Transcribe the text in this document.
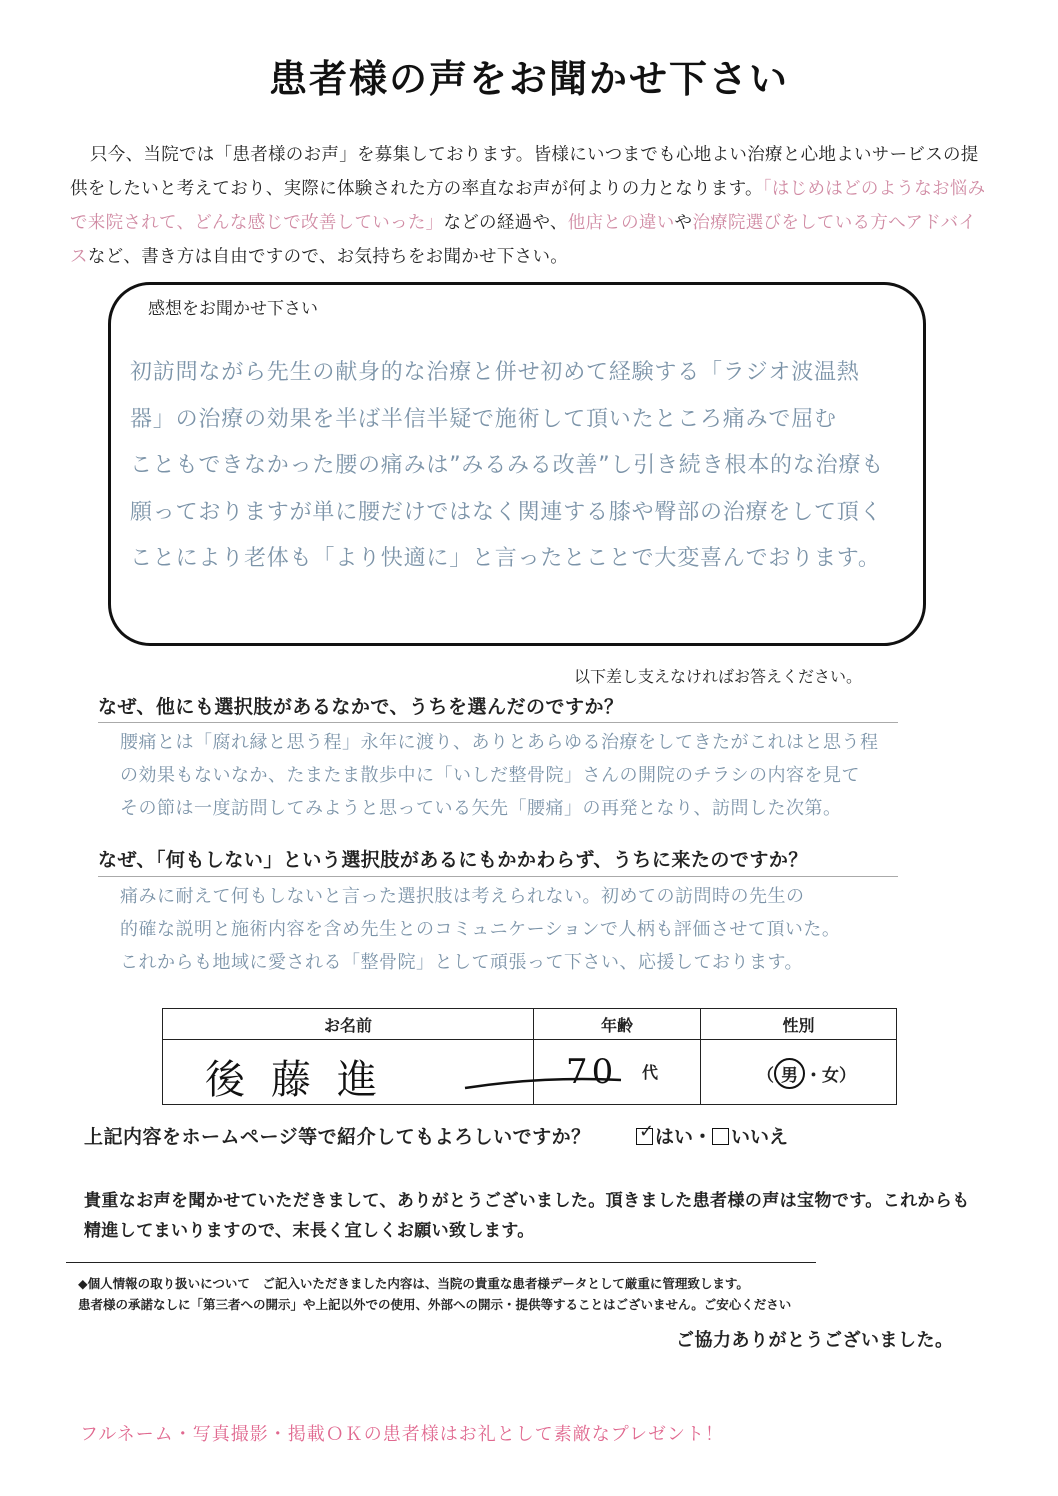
患者様の声をお聞かせ下さい
只今、当院では「患者様のお声」を募集しております。皆様にいつまでも心地よい治療と心地よいサービスの提供をしたいと考えており、実際に体験された方の率直なお声が何よりの力となります。「はじめはどのようなお悩みで来院されて、どんな感じで改善していった」などの経過や、他店との違いや治療院選びをしている方へアドバイスなど、書き方は自由ですので、お気持ちをお聞かせ下さい。
感想をお聞かせ下さい
初訪問ながら先生の献身的な治療と併せ初めて経験する「ラジオ波温熱
器」の治療の効果を半ば半信半疑で施術して頂いたところ痛みで屈む
こともできなかった腰の痛みは”みるみる改善”し引き続き根本的な治療も
願っておりますが単に腰だけではなく関連する膝や臀部の治療をして頂く
ことにより老体も「より快適に」と言ったとことで大変喜んでおります。
以下差し支えなければお答えください。
なぜ、他にも選択肢があるなかで、うちを選んだのですか？
腰痛とは「腐れ縁と思う程」永年に渡り、ありとあらゆる治療をしてきたがこれはと思う程
の効果もないなか、たまたま散歩中に「いしだ整骨院」さんの開院のチラシの内容を見て
その節は一度訪問してみようと思っている矢先「腰痛」の再発となり、訪問した次第。
なぜ、「何もしない」という選択肢があるにもかかわらず、うちに来たのですか？
痛みに耐えて何もしないと言った選択肢は考えられない。初めての訪問時の先生の
的確な説明と施術内容を含め先生とのコミュニケーションで人柄も評価させて頂いた。
これからも地域に愛される「整骨院」として頑張って下さい、応援しております。
お名前	年齢	性別

後藤進	70 代	（ 男 ・女）
上記内容をホームページ等で紹介してもよろしいですか？	✓ はい・ いいえ
貴重なお声を聞かせていただきまして、ありがとうございました。頂きました患者様の声は宝物です。これからも精進してまいりますので、末長く宜しくお願い致します。
◆個人情報の取り扱いについて　ご記入いただきました内容は、当院の貴重な患者様データとして厳重に管理致します。
患者様の承諾なしに「第三者への開示」や上記以外での使用、外部への開示・提供等することはございません。ご安心ください
ご協力ありがとうございました。
フルネーム・写真撮影・掲載ＯＫの患者様はお礼として素敵なプレゼント！
